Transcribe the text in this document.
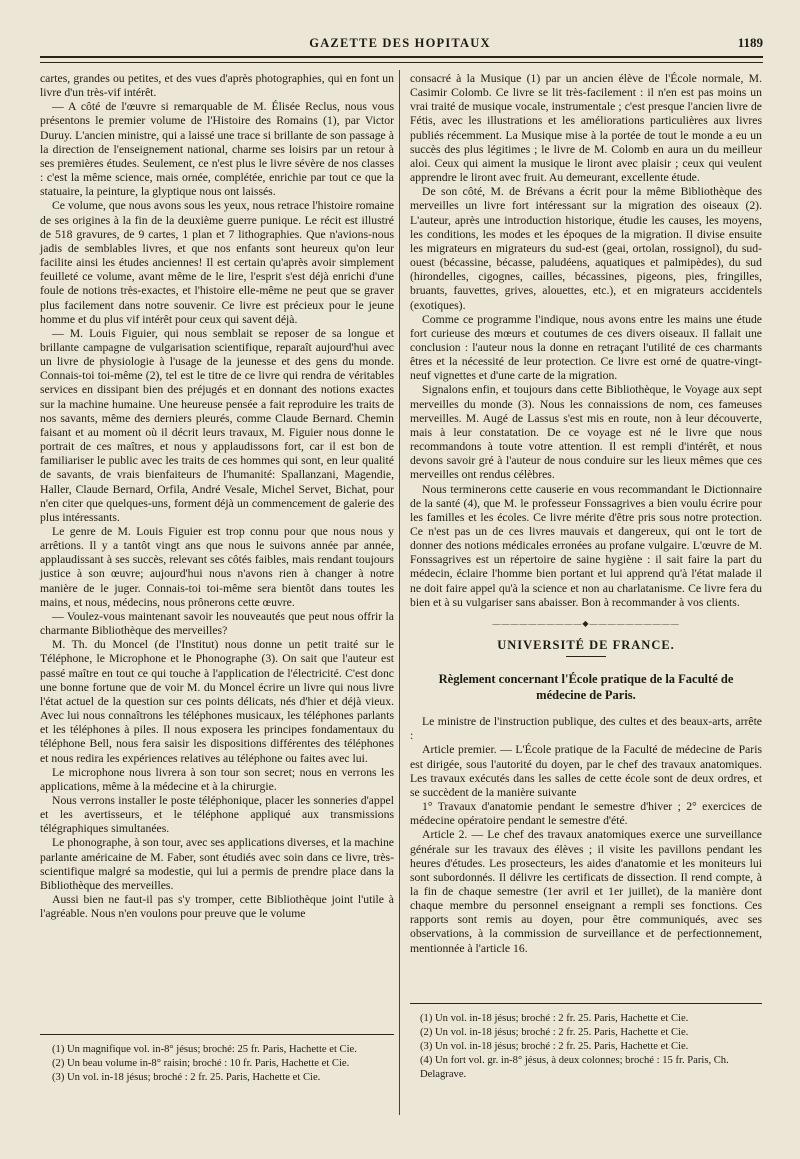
GAZETTE DES HOPITAUX	1189

cartes, grandes ou petites, et des vues d'après photographies, qui en font un livre d'un très-vif intérêt.

— A côté de l'œuvre si remarquable de M. Élisée Reclus, nous vous présentons le premier volume de l'Histoire des Romains (1), par Victor Duruy. L'ancien ministre, qui a laissé une trace si brillante de son passage à la direction de l'enseignement national, charme ses loisirs par un retour à ses premières études. Seulement, ce n'est plus le livre sévère de nos classes : c'est la même science, mais ornée, complétée, enrichie par tout ce que la statuaire, la peinture, la glyptique nous ont laissés.

Ce volume, que nous avons sous les yeux, nous retrace l'histoire romaine de ses origines à la fin de la deuxième guerre punique. Le récit est illustré de 518 gravures, de 9 cartes, 1 plan et 7 lithographies. Que n'avions-nous jadis de semblables livres, et que nos enfants sont heureux qu'on leur facilite ainsi les études anciennes! Il est certain qu'après avoir simplement feuilleté ce volume, avant même de le lire, l'esprit s'est déjà enrichi d'une foule de notions très-exactes, et l'histoire elle-même ne peut que se graver plus facilement dans notre souvenir. Ce livre est précieux pour le jeune homme et du plus vif intérêt pour ceux qui savent déjà.

— M. Louis Figuier, qui nous semblait se reposer de sa longue et brillante campagne de vulgarisation scientifique, reparaît aujourd'hui avec un livre de physiologie à l'usage de la jeunesse et des gens du monde. Connais-toi toi-même (2), tel est le titre de ce livre qui rendra de véritables services en dissipant bien des préjugés et en donnant des notions exactes sur la machine humaine. Une heureuse pensée a fait reproduire les traits de nos savants, même des derniers pleurés, comme Claude Bernard. Chemin faisant et au moment où il décrit leurs travaux, M. Figuier nous donne le portrait de ces maîtres, et nous y applaudissons fort, car il est bon de familiariser le public avec les traits de ces hommes qui sont, en leur qualité de savants, de vrais bienfaiteurs de l'humanité: Spallanzani, Magendie, Haller, Claude Bernard, Orfila, André Vesale, Michel Servet, Bichat, pour n'en citer que quelques-uns, forment déjà un commencement de galerie des plus intéressants.

Le genre de M. Louis Figuier est trop connu pour que nous nous y arrêtions. Il y a tantôt vingt ans que nous le suivons année par année, applaudissant à ses succès, relevant ses côtés faibles, mais rendant toujours justice à son œuvre; aujourd'hui nous n'avons rien à changer à notre manière de le juger. Connais-toi toi-même sera bientôt dans toutes les mains, et nous, médecins, nous prônerons cette œuvre.

— Voulez-vous maintenant savoir les nouveautés que peut nous offrir la charmante Bibliothèque des merveilles?

M. Th. du Moncel (de l'Institut) nous donne un petit traité sur le Téléphone, le Microphone et le Phonographe (3). On sait que l'auteur est passé maître en tout ce qui touche à l'application de l'électricité. C'est donc une bonne fortune que de voir M. du Moncel écrire un livre qui nous livre l'état actuel de la question sur ces points délicats, nés d'hier et déjà vieux. Avec lui nous connaîtrons les téléphones musicaux, les téléphones parlants et les téléphones à piles. Il nous exposera les principes fondamentaux du téléphone Bell, nous fera saisir les dispositions différentes des téléphones et nous redira les expériences relatives au téléphone ou faites avec lui.

Le microphone nous livrera à son tour son secret; nous en verrons les applications, même à la médecine et à la chirurgie.

Nous verrons installer le poste téléphonique, placer les sonneries d'appel et les avertisseurs, et le téléphone appliqué aux transmissions télégraphiques simultanées.

Le phonographe, à son tour, avec ses applications diverses, et la machine parlante américaine de M. Faber, sont étudiés avec soin dans ce livre, très-scientifique malgré sa modestie, qui lui a permis de prendre place dans la Bibliothèque des merveilles.

Aussi bien ne faut-il pas s'y tromper, cette Bibliothèque joint l'utile à l'agréable. Nous n'en voulons pour preuve que le volume

(1) Un magnifique vol. in-8° jésus; broché: 25 fr. Paris, Hachette et Cie.
(2) Un beau volume in-8° raisin; broché : 10 fr. Paris, Hachette et Cie.
(3) Un vol. in-18 jésus; broché : 2 fr. 25. Paris, Hachette et Cie.

consacré à la Musique (1) par un ancien élève de l'École normale, M. Casimir Colomb. Ce livre se lit très-facilement : il n'en est pas moins un vrai traité de musique vocale, instrumentale ; c'est presque l'ancien livre de Fétis, avec les illustrations et les améliorations particulières aux livres publiés récemment. La Musique mise à la portée de tout le monde a eu un succès des plus légitimes ; le livre de M. Colomb en aura un du meilleur aloi. Ceux qui aiment la musique le liront avec plaisir ; ceux qui veulent apprendre le liront avec fruit. Au demeurant, excellente étude.

De son côté, M. de Brévans a écrit pour la même Bibliothèque des merveilles un livre fort intéressant sur la migration des oiseaux (2). L'auteur, après une introduction historique, étudie les causes, les moyens, les conditions, les modes et les époques de la migration. Il divise ensuite les migrateurs en migrateurs du sud-est (geai, ortolan, rossignol), du sud-ouest (bécassine, bécasse, paludéens, aquatiques et palmipèdes), du sud (hirondelles, cigognes, cailles, bécassines, pigeons, pies, fringilles, bruants, fauvettes, grives, alouettes, etc.), et en migrateurs accidentels (exotiques).

Comme ce programme l'indique, nous avons entre les mains une étude fort curieuse des mœurs et coutumes de ces divers oiseaux. Il fallait une conclusion : l'auteur nous la donne en retraçant l'utilité de ces charmants êtres et la nécessité de leur protection. Ce livre est orné de quatre-vingt-neuf vignettes et d'une carte de la migration.

Signalons enfin, et toujours dans cette Bibliothèque, le Voyage aux sept merveilles du monde (3). Nous les connaissions de nom, ces fameuses merveilles. M. Augé de Lassus s'est mis en route, non à leur découverte, mais à leur constatation. De ce voyage est né le livre que nous recommandons à toute votre attention. Il est rempli d'intérêt, et nous devons savoir gré à l'auteur de nous conduire sur les lieux mêmes que ces merveilles ont rendus célèbres.

Nous terminerons cette causerie en vous recommandant le Dictionnaire de la santé (4), que M. le professeur Fonssagrives a bien voulu écrire pour les familles et les écoles. Ce livre mérite d'être pris sous notre protection. Ce n'est pas un de ces livres mauvais et dangereux, qui ont le tort de donner des notions médicales erronées au profane vulgaire. L'œuvre de M. Fonssagrives est un répertoire de saine hygiène : il sait faire la part du médecin, éclaire l'homme bien portant et lui apprend qu'à l'état malade il ne doit faire appel qu'à la science et non au charlatanisme. Ce livre fera du bien et à su vulgariser sans abaisser. Bon à recommander à vos clients.

——————————◆——————————
UNIVERSITÉ DE FRANCE.
Règlement concernant l'École pratique de la Faculté de médecine de Paris.

Le ministre de l'instruction publique, des cultes et des beaux-arts, arrête :

Article premier. — L'École pratique de la Faculté de médecine de Paris est dirigée, sous l'autorité du doyen, par le chef des travaux anatomiques. Les travaux exécutés dans les salles de cette école sont de deux ordres, et se succèdent de la manière suivante

1° Travaux d'anatomie pendant le semestre d'hiver ; 2° exercices de médecine opératoire pendant le semestre d'été.

Article 2. — Le chef des travaux anatomiques exerce une surveillance générale sur les travaux des élèves ; il visite les pavillons pendant les heures d'études. Les prosecteurs, les aides d'anatomie et les moniteurs lui sont subordonnés. Il délivre les certificats de dissection. Il rend compte, à la fin de chaque semestre (1er avril et 1er juillet), de la manière dont chaque membre du personnel enseignant a rempli ses fonctions. Ces rapports sont remis au doyen, pour être communiqués, avec ses observations, à la commission de surveillance et de perfectionnement, mentionnée à l'article 16.

(1) Un vol. in-18 jésus; broché : 2 fr. 25. Paris, Hachette et Cie.
(2) Un vol. in-18 jésus; broché : 2 fr. 25. Paris, Hachette et Cie.
(3) Un vol. in-18 jésus; broché : 2 fr. 25. Paris, Hachette et Cie.
(4) Un fort vol. gr. in-8° jésus, à deux colonnes; broché : 15 fr. Paris, Ch. Delagrave.
